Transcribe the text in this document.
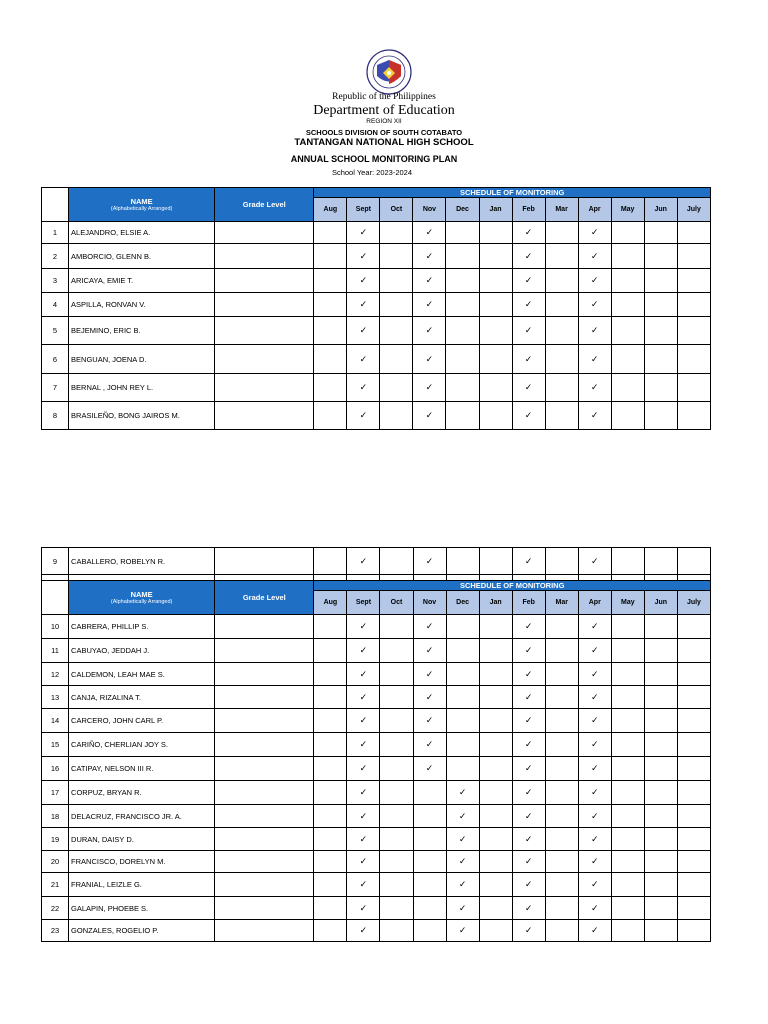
Republic of the Philippines
Department of Education
REGION XII
SCHOOLS DIVISION OF SOUTH COTABATO
TANTANGAN NATIONAL HIGH SCHOOL
ANNUAL SCHOOL MONITORING PLAN
School Year: 2023-2024
	NAME
(Alphabetically Arranged)	Grade Level	SCHEDULE OF MONITORING											
			Aug	Sept	Oct	Nov	Dec	Jan	Feb	Mar	Apr	May	Jun	July
1	ALEJANDRO, ELSIE A.			✓		✓			✓		✓			
2	AMBORCIO, GLENN B.			✓		✓			✓		✓			
3	ARICAYA, EMIE T.			✓		✓			✓		✓			
4	ASPILLA, RONVAN V.			✓		✓			✓		✓			
5	BEJEMINO, ERIC B.			✓		✓			✓		✓			
6	BENGUAN, JOENA D.			✓		✓			✓		✓			
7	BERNAL , JOHN REY L.			✓		✓			✓		✓			
8	BRASILEÑO, BONG JAIROS M.			✓		✓			✓		✓			
9	CABALLERO, ROBELYN R.			✓		✓			✓		✓			

	NAME
(Alphabetically Arranged)	Grade Level	SCHEDULE OF MONITORING											
			Aug	Sept	Oct	Nov	Dec	Jan	Feb	Mar	Apr	May	Jun	July
10	CABRERA, PHILLIP S.			✓		✓			✓		✓			
11	CABUYAO, JEDDAH J.			✓		✓			✓		✓			
12	CALDEMON, LEAH MAE S.			✓		✓			✓		✓			
13	CANJA, RIZALINA T.			✓		✓			✓		✓			
14	CARCERO, JOHN CARL P.			✓		✓			✓		✓			
15	CARIÑO, CHERLIAN JOY S.			✓		✓			✓		✓			
16	CATIPAY, NELSON III R.			✓		✓			✓		✓			
17	CORPUZ, BRYAN R.			✓			✓		✓		✓			
18	DELACRUZ, FRANCISCO JR. A.			✓			✓		✓		✓			
19	DURAN, DAISY D.			✓			✓		✓		✓			
20	FRANCISCO, DORELYN M.			✓			✓		✓		✓			
21	FRANIAL, LEIZLE G.			✓			✓		✓		✓			
22	GALAPIN, PHOEBE S.			✓			✓		✓		✓			
23	GONZALES, ROGELIO P.			✓			✓		✓		✓			
